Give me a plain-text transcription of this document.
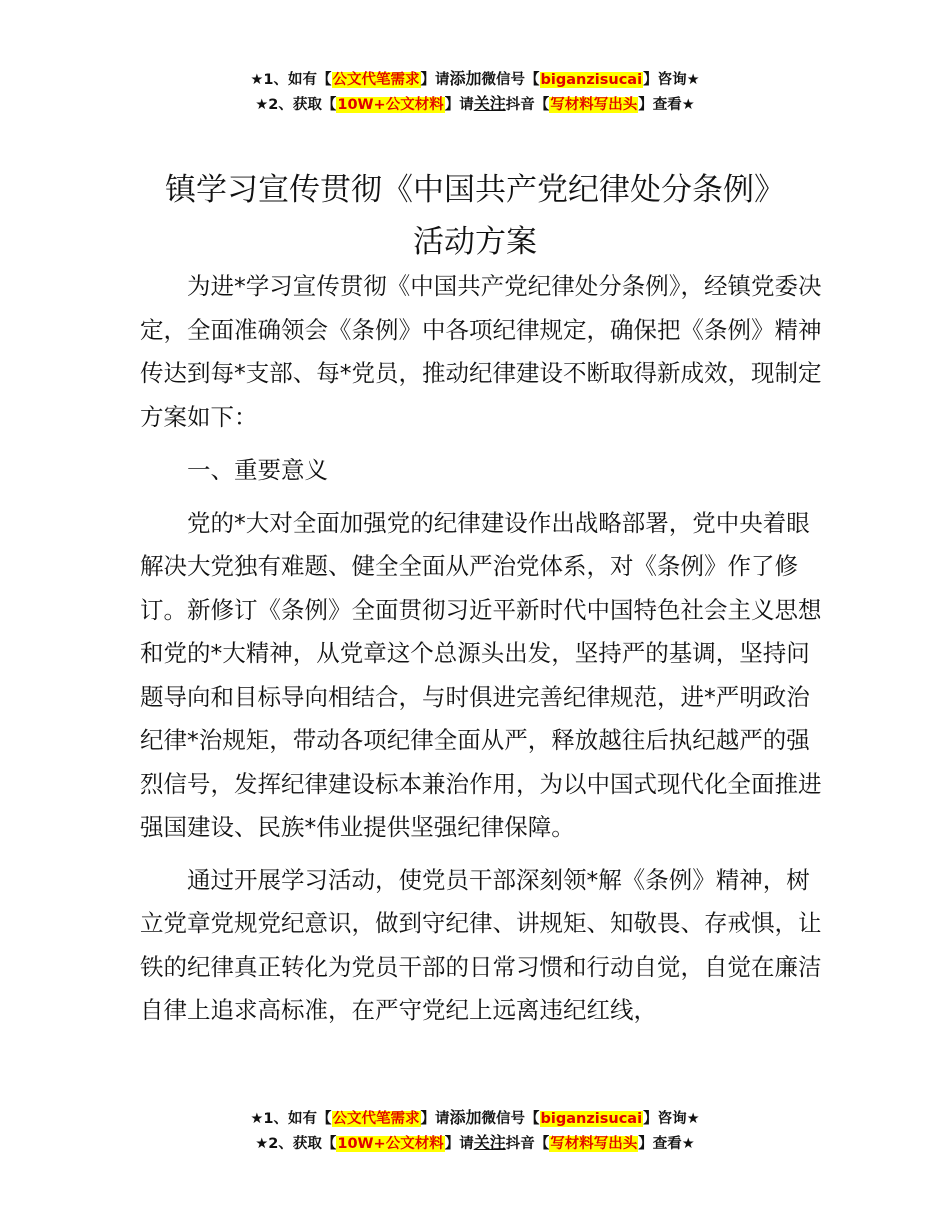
★1、如有【公文代笔需求】请添加微信号【biganzisucai】咨询★
★2、获取【10W+公文材料】请关注抖音【写材料写出头】查看★
镇学习宣传贯彻《中国共产党纪律处分条例》
活动方案

为进*学习宣传贯彻《中国共产党纪律处分条例》，经镇党委决定，全面准确领会《条例》中各项纪律规定，确保把《条例》精神传达到每*支部、每*党员，推动纪律建设不断取得新成效，现制定方案如下：

一、重要意义

党的*大对全面加强党的纪律建设作出战略部署，党中央着眼解决大党独有难题、健全全面从严治党体系，对《条例》作了修订。新修订《条例》全面贯彻习近平新时代中国特色社会主义思想和党的*大精神，从党章这个总源头出发，坚持严的基调，坚持问题导向和目标导向相结合，与时俱进完善纪律规范，进*严明政治纪律*治规矩，带动各项纪律全面从严，释放越往后执纪越严的强烈信号，发挥纪律建设标本兼治作用，为以中国式现代化全面推进强国建设、民族*伟业提供坚强纪律保障。

通过开展学习活动，使党员干部深刻领*解《条例》精神，树立党章党规党纪意识，做到守纪律、讲规矩、知敬畏、存戒惧，让铁的纪律真正转化为党员干部的日常习惯和行动自觉，自觉在廉洁自律上追求高标准，在严守党纪上远离违纪红线，

★1、如有【公文代笔需求】请添加微信号【biganzisucai】咨询★
★2、获取【10W+公文材料】请关注抖音【写材料写出头】查看★
